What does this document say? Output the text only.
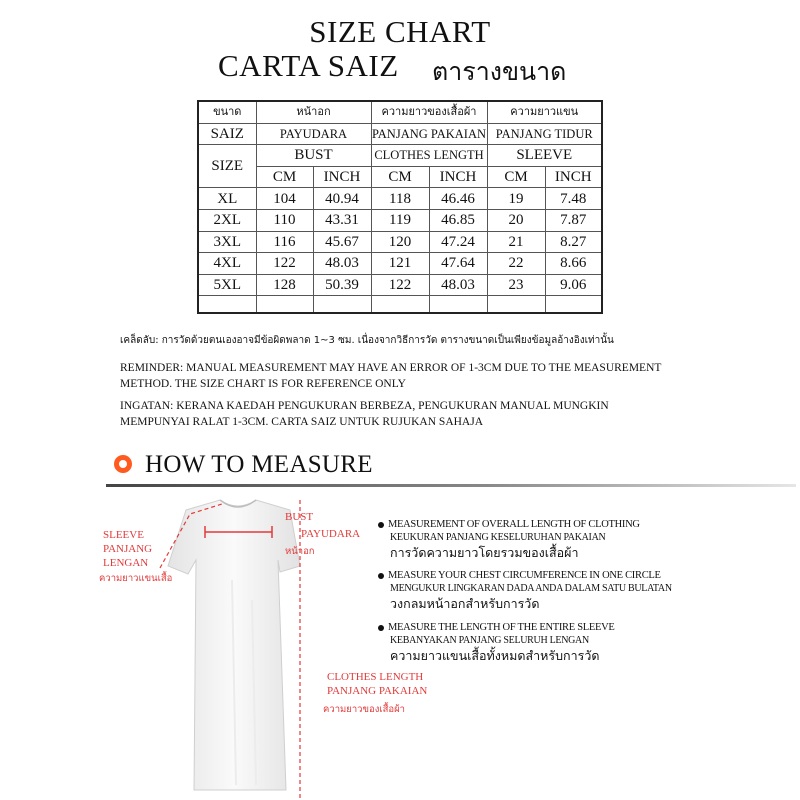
SIZE CHART
CARTA SAIZ ตารางขนาด
ขนาด	หน้าอก		ความยาวของเสื้อผ้า		ความยาวแขน	
SAIZ	PAYUDARA		PANJANG PAKAIAN		PANJANG TIDUR	
SIZE	BUST		CLOTHES LENGTH		SLEEVE	
	CM	INCH	CM	INCH	CM	INCH
XL	104	40.94	118	46.46	19	7.48
2XL	110	43.31	119	46.85	20	7.87
3XL	116	45.67	120	47.24	21	8.27
4XL	122	48.03	121	47.64	22	8.66
5XL	128	50.39	122	48.03	23	9.06

เคล็ดลับ: การวัดด้วยตนเองอาจมีข้อผิดพลาด 1~3 ซม. เนื่องจากวิธีการวัด ตารางขนาดเป็นเพียงข้อมูลอ้างอิงเท่านั้น
REMINDER: MANUAL MEASUREMENT MAY HAVE AN ERROR OF 1-3CM DUE TO THE MEASUREMENT METHOD. THE SIZE CHART IS FOR REFERENCE ONLY
INGATAN: KERANA KAEDAH PENGUKURAN BERBEZA, PENGUKURAN MANUAL MUNGKIN MEMPUNYAI RALAT 1-3CM. CARTA SAIZ UNTUK RUJUKAN SAHAJA
HOW TO MEASURE
SLEEVE
PANJANG
LENGAN
ความยาวแขนเสื้อ
BUST
PAYUDARA
หน้าอก
CLOTHES LENGTH
PANJANG PAKAIAN
ความยาวของเสื้อผ้า
MEASUREMENT OF OVERALL LENGTH OF CLOTHING
KEUKURAN PANJANG KESELURUHAN PAKAIAN
การวัดความยาวโดยรวมของเสื้อผ้า
MEASURE YOUR CHEST CIRCUMFERENCE IN ONE CIRCLE
MENGUKUR LINGKARAN DADA ANDA DALAM SATU BULATAN
วงกลมหน้าอกสำหรับการวัด
MEASURE THE LENGTH OF THE ENTIRE SLEEVE
KEBANYAKAN PANJANG SELURUH LENGAN
ความยาวแขนเสื้อทั้งหมดสำหรับการวัด
